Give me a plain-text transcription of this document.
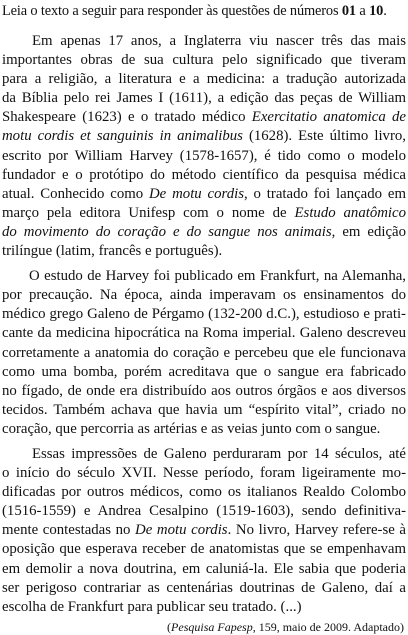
Leia o texto a seguir para responder às questões de números 01 a 10.

Em apenas 17 anos, a Inglaterra viu nascer três das mais
importantes obras de sua cultura pelo significado que tiveram
para a religião, a literatura e a medicina: a tradução autorizada
da Bíblia pelo rei James I (1611), a edição das peças de William
Shakespeare (1623) e o tratado médico Exercitatio anatomica de
motu cordis et sanguinis in animalibus (1628). Este último livro,
escrito por William Harvey (1578-1657), é tido como o modelo
fundador e o protótipo do método científico da pesquisa médica
atual. Conhecido como De motu cordis, o tratado foi lançado em
março pela editora Unifesp com o nome de Estudo anatômico
do movimento do coração e do sangue nos animais, em edição
trilíngue (latim, francês e português).
O estudo de Harvey foi publicado em Frankfurt, na Alemanha,
por precaução. Na época, ainda imperavam os ensinamentos do
médico grego Galeno de Pérgamo (132-200 d.C.), estudioso e prati-
cante da medicina hipocrática na Roma imperial. Galeno descreveu
corretamente a anatomia do coração e percebeu que ele funcionava
como uma bomba, porém acreditava que o sangue era fabricado
no fígado, de onde era distribuído aos outros órgãos e aos diversos
tecidos. Também achava que havia um “espírito vital”, criado no
coração, que percorria as artérias e as veias junto com o sangue.
Essas impressões de Galeno perduraram por 14 séculos, até
o início do século XVII. Nesse período, foram ligeiramente mo-
dificadas por outros médicos, como os italianos Realdo Colombo
(1516-1559) e Andrea Cesalpino (1519-1603), sendo definitiva-
mente contestadas no De motu cordis. No livro, Harvey refere-se à
oposição que esperava receber de anatomistas que se empenhavam
em demolir a nova doutrina, em caluniá-la. Ele sabia que poderia
ser perigoso contrariar as centenárias doutrinas de Galeno, daí a
escolha de Frankfurt para publicar seu tratado. (...)

(Pesquisa Fapesp, 159, maio de 2009. Adaptado)
